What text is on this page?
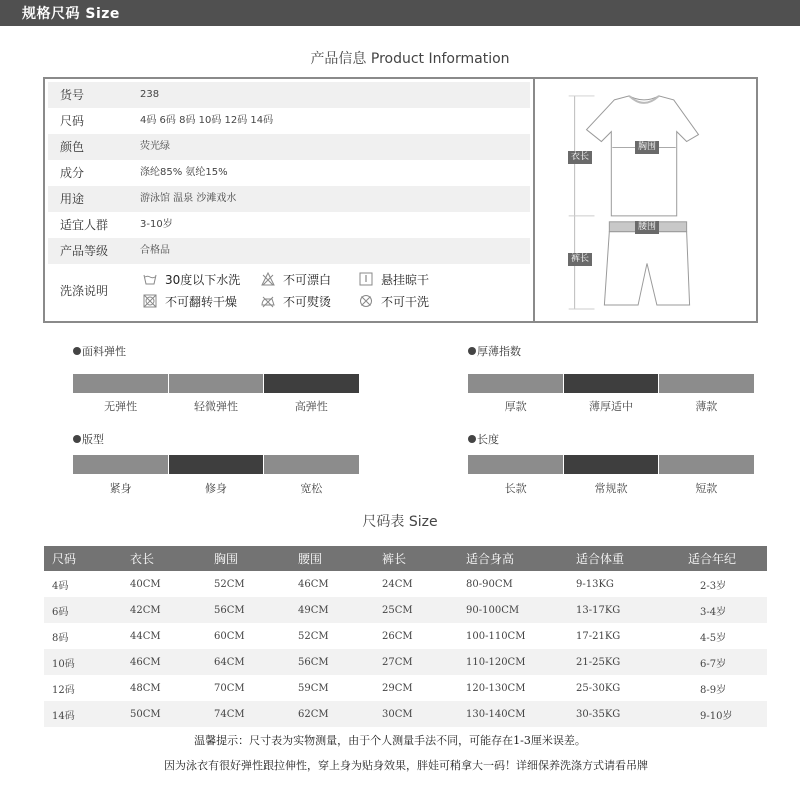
规格尺码 Size
产品信息 Product Information
货号	238
尺码	4码 6码 8码 10码 12码 14码
颜色	荧光绿
成分	涤纶85% 氨纶15%
用途	游泳馆 温泉 沙滩戏水
适宜人群	3-10岁
产品等级	合格品
洗涤说明
30度以下水洗	不可漂白	悬挂晾干
不可翻转干燥	不可熨烫	不可干洗
衣长
胸围
腰围
裤长
面料弹性
无弹性	轻微弹性	高弹性
厚薄指数
厚款	薄厚适中	薄款
版型
紧身	修身	宽松
长度
长款	常规款	短款
尺码表 Size
尺码	衣长	胸围	腰围	裤长	适合身高	适合体重	适合年纪
4码	40CM	52CM	46CM	24CM	80-90CM	9-13KG	2-3岁
6码	42CM	56CM	49CM	25CM	90-100CM	13-17KG	3-4岁
8码	44CM	60CM	52CM	26CM	100-110CM	17-21KG	4-5岁
10码	46CM	64CM	56CM	27CM	110-120CM	21-25KG	6-7岁
12码	48CM	70CM	59CM	29CM	120-130CM	25-30KG	8-9岁
14码	50CM	74CM	62CM	30CM	130-140CM	30-35KG	9-10岁
温馨提示：尺寸表为实物测量，由于个人测量手法不同，可能存在1-3厘米误差。
因为泳衣有很好弹性跟拉伸性，穿上身为贴身效果，胖娃可稍拿大一码！详细保养洗涤方式请看吊牌
